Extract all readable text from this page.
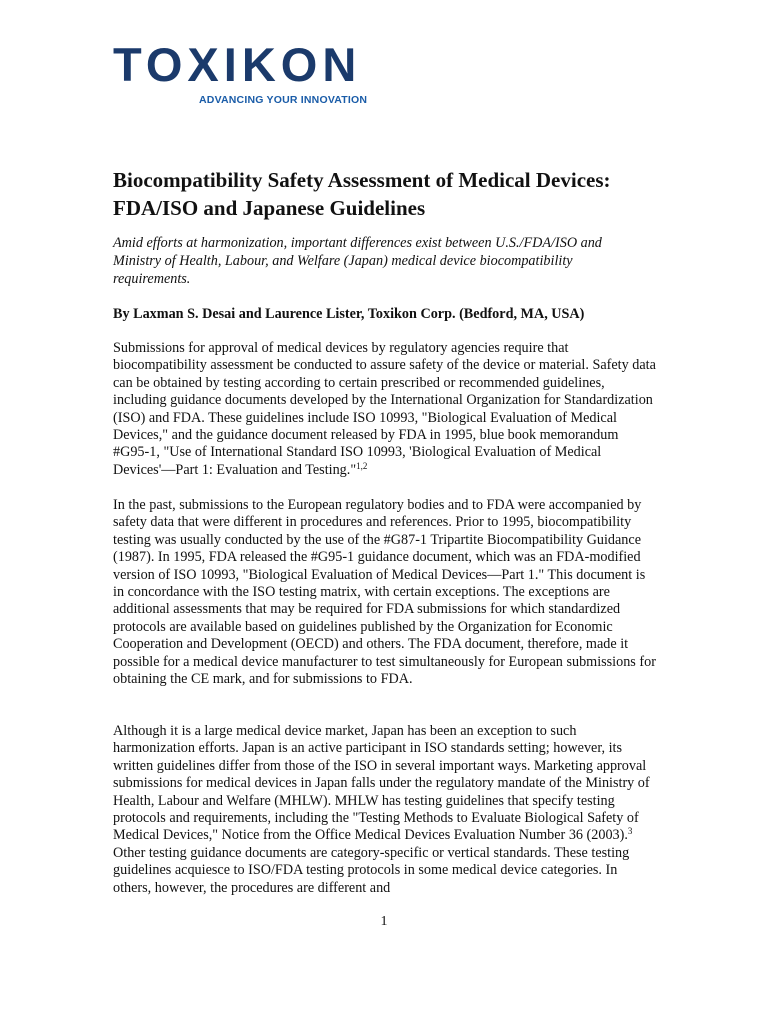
TOXIKON
ADVANCING YOUR INNOVATION
Biocompatibility Safety Assessment of Medical Devices:
FDA/ISO and Japanese Guidelines

Amid efforts at harmonization, important differences exist between U.S./FDA/ISO and Ministry of Health, Labour, and Welfare (Japan) medical device biocompatibility requirements.

By Laxman S. Desai and Laurence Lister, Toxikon Corp. (Bedford, MA, USA)

Submissions for approval of medical devices by regulatory agencies require that biocompatibility assessment be conducted to assure safety of the device or material. Safety data can be obtained by testing according to certain prescribed or recommended guidelines, including guidance documents developed by the International Organization for Standardization (ISO) and FDA. These guidelines include ISO 10993, "Biological Evaluation of Medical Devices," and the guidance document released by FDA in 1995, blue book memorandum #G95-1, "Use of International Standard ISO 10993, 'Biological Evaluation of Medical Devices'—Part 1: Evaluation and Testing."$^{1,2}$

In the past, submissions to the European regulatory bodies and to FDA were accompanied by safety data that were different in procedures and references. Prior to 1995, biocompatibility testing was usually conducted by the use of the #G87-1 Tripartite Biocompatibility Guidance (1987). In 1995, FDA released the #G95-1 guidance document, which was an FDA-modified version of ISO 10993, "Biological Evaluation of Medical Devices—Part 1." This document is in concordance with the ISO testing matrix, with certain exceptions. The exceptions are additional assessments that may be required for FDA submissions for which standardized protocols are available based on guidelines published by the Organization for Economic Cooperation and Development (OECD) and others. The FDA document, therefore, made it possible for a medical device manufacturer to test simultaneously for European submissions for obtaining the CE mark, and for submissions to FDA.

Although it is a large medical device market, Japan has been an exception to such harmonization efforts. Japan is an active participant in ISO standards setting; however, its written guidelines differ from those of the ISO in several important ways. Marketing approval submissions for medical devices in Japan falls under the regulatory mandate of the Ministry of Health, Labour and Welfare (MHLW). MHLW has testing guidelines that specify testing protocols and requirements, including the "Testing Methods to Evaluate Biological Safety of Medical Devices," Notice from the Office Medical Devices Evaluation Number 36 (2003).$^3$ Other testing guidance documents are category-specific or vertical standards. These testing guidelines acquiesce to ISO/FDA testing protocols in some medical device categories. In others, however, the procedures are different and

1
